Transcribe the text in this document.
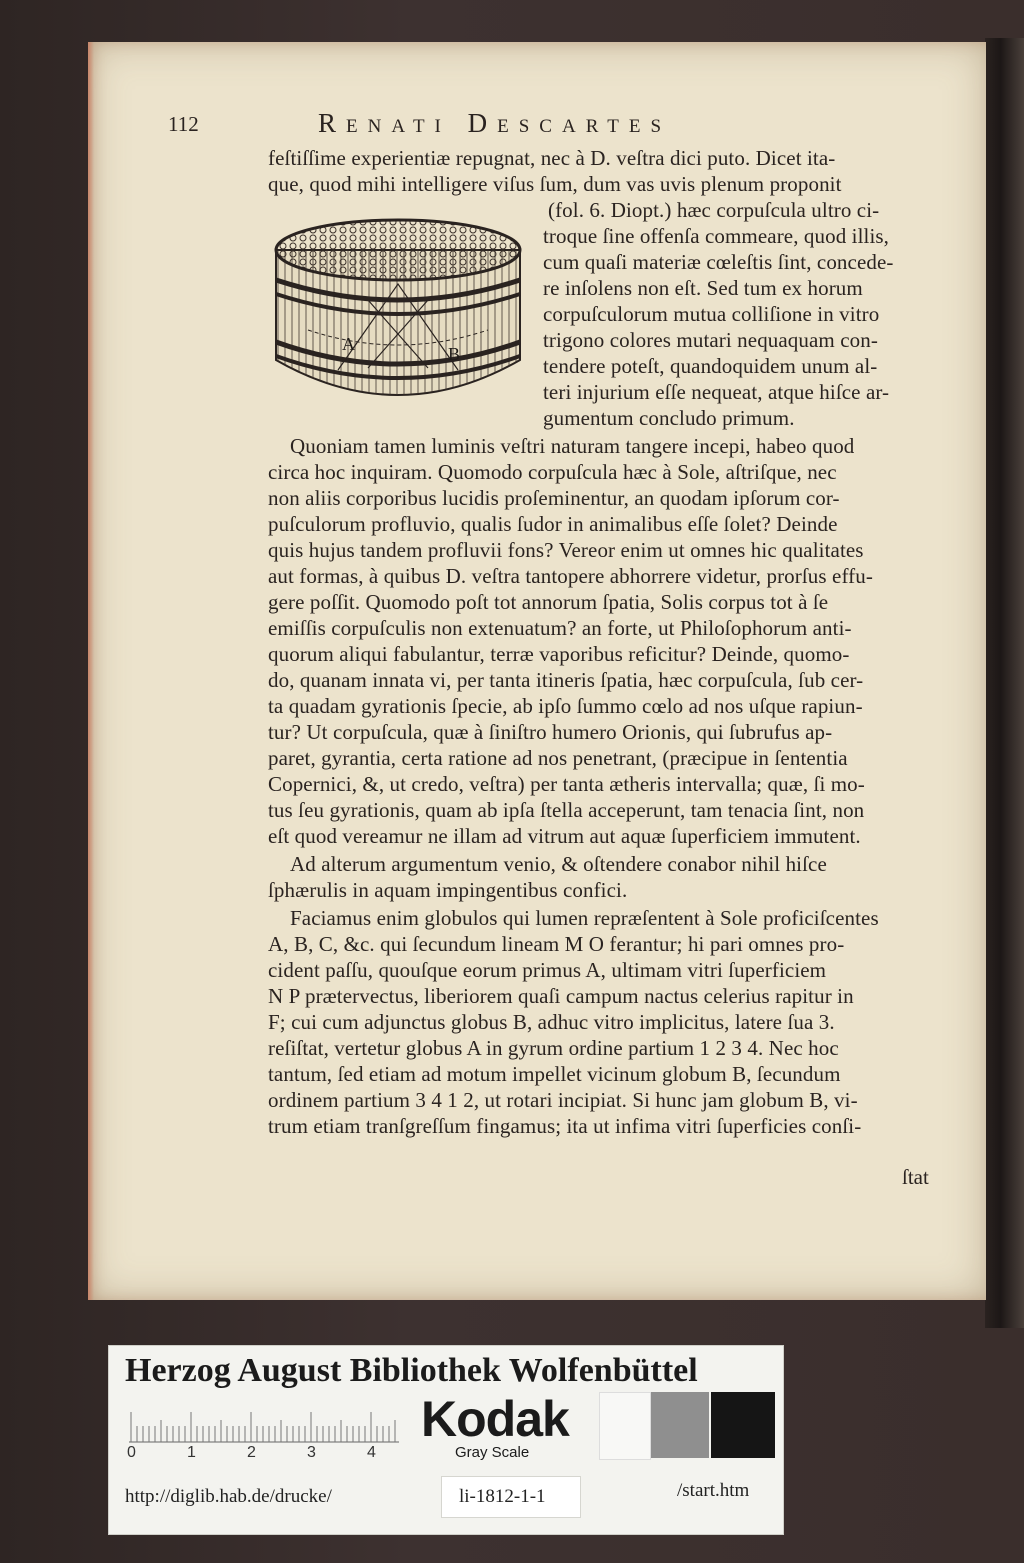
112	Renati Descartes
feſtiſſime experientiæ repugnat, nec à D. veſtra dici puto. Dicet ita-
que, quod mihi intelligere viſus ſum, dum vas uvis plenum proponit
(fol. 6. Diopt.) hæc corpuſcula ultro ci-
troque ſine offenſa commeare, quod illis,
cum quaſi materiæ cœleſtis ſint, concede-
re inſolens non eſt. Sed tum ex horum
corpuſculorum mutua colliſione in vitro
trigono colores mutari nequaquam con-
tendere poteſt, quandoquidem unum al-
teri injurium eſſe nequeat, atque hiſce ar-
gumentum concludo primum.
Quoniam tamen luminis veſtri naturam tangere incepi, habeo quod
circa hoc inquiram. Quomodo corpuſcula hæc à Sole, aſtriſque, nec
non aliis corporibus lucidis proſeminentur, an quodam ipſorum cor-
puſculorum profluvio, qualis ſudor in animalibus eſſe ſolet? Deinde
quis hujus tandem profluvii fons? Vereor enim ut omnes hic qualitates
aut formas, à quibus D. veſtra tantopere abhorrere videtur, prorſus effu-
gere poſſit. Quomodo poſt tot annorum ſpatia, Solis corpus tot à ſe
emiſſis corpuſculis non extenuatum? an forte, ut Philoſophorum anti-
quorum aliqui fabulantur, terræ vaporibus reficitur? Deinde, quomo-
do, quanam innata vi, per tanta itineris ſpatia, hæc corpuſcula, ſub cer-
ta quadam gyrationis ſpecie, ab ipſo ſummo cœlo ad nos uſque rapiun-
tur? Ut corpuſcula, quæ à ſiniſtro humero Orionis, qui ſubrufus ap-
paret, gyrantia, certa ratione ad nos penetrant, (præcipue in ſententia
Copernici, &, ut credo, veſtra) per tanta ætheris intervalla; quæ, ſi mo-
tus ſeu gyrationis, quam ab ipſa ſtella acceperunt, tam tenacia ſint, non
eſt quod vereamur ne illam ad vitrum aut aquæ ſuperficiem immutent.
Ad alterum argumentum venio, & oſtendere conabor nihil hiſce
ſphærulis in aquam impingentibus confici.
Faciamus enim globulos qui lumen repræſentent à Sole proficiſcentes
A, B, C, &c. qui ſecundum lineam M O ferantur; hi pari omnes pro-
cident paſſu, quouſque eorum primus A, ultimam vitri ſuperficiem
N P prætervectus, liberiorem quaſi campum nactus celerius rapitur in
F; cui cum adjunctus globus B, adhuc vitro implicitus, latere ſua 3.
reſiſtat, vertetur globus A in gyrum ordine partium 1 2 3 4. Nec hoc
tantum, ſed etiam ad motum impellet vicinum globum B, ſecundum
ordinem partium 3 4 1 2, ut rotari incipiat. Si hunc jam globum B, vi-
trum etiam tranſgreſſum fingamus; ita ut infima vitri ſuperficies conſi-
ſtat
A	B
Herzog August Bibliothek Wolfenbüttel
0	1	2	3	4
Kodak
Gray Scale
http://diglib.hab.de/drucke/	li-1812-1-1	/start.htm
